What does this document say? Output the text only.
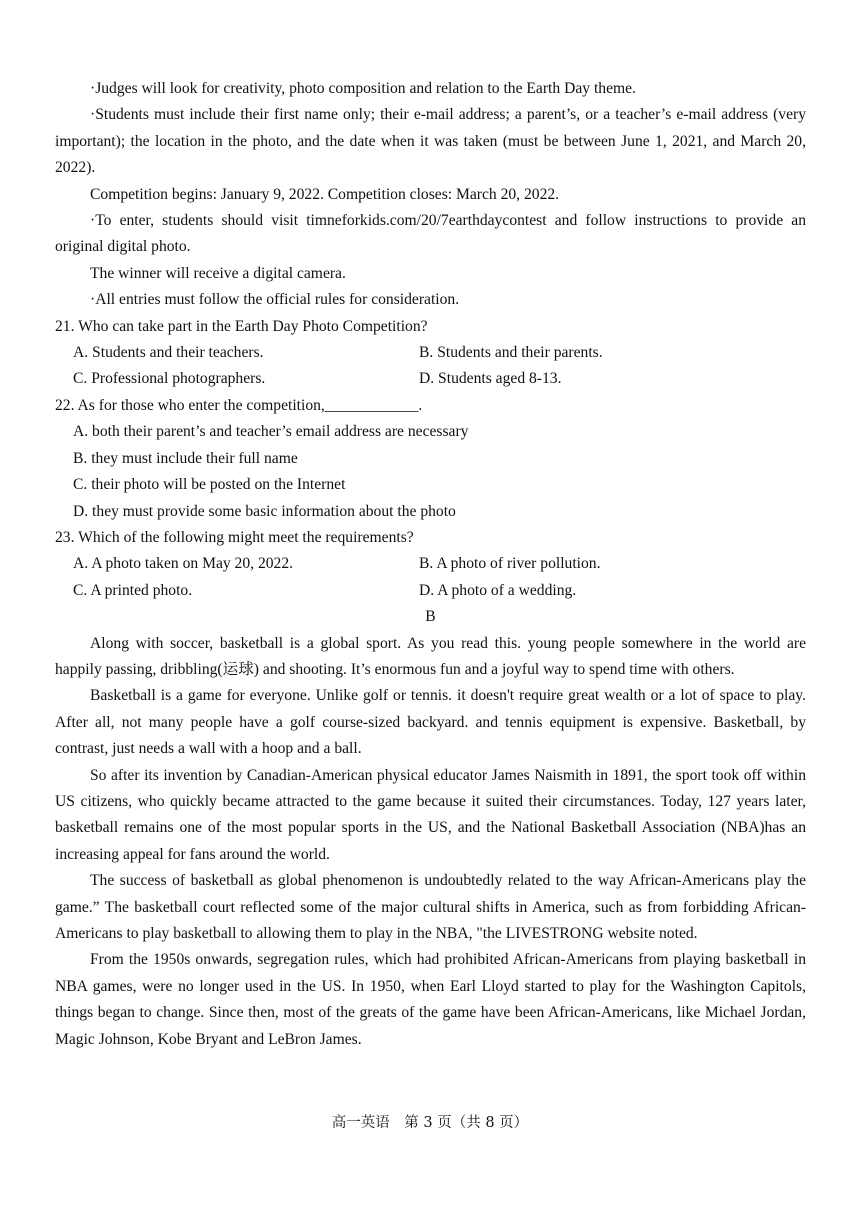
·Judges will look for creativity, photo composition and relation to the Earth Day theme.

·Students must include their first name only; their e-mail address; a parent’s, or a teacher’s e-mail address (very important); the location in the photo, and the date when it was taken (must be between June 1, 2021, and March 20, 2022).

Competition begins: January 9, 2022. Competition closes: March 20, 2022.

·To enter, students should visit timneforkids.com/20/7earthdaycontest and follow instructions to provide an original digital photo.

The winner will receive a digital camera.

·All entries must follow the official rules for consideration.

21. Who can take part in the Earth Day Photo Competition?

A. Students and their teachers.	B. Students and their parents.
C. Professional photographers.	D. Students aged 8-13.

22. As for those who enter the competition,____________.

A. both their parent’s and teacher’s email address are necessary

B. they must include their full name

C. their photo will be posted on the Internet

D. they must provide some basic information about the photo

23. Which of the following might meet the requirements?

A. A photo taken on May 20, 2022.	B. A photo of river pollution.
C. A printed photo.	D. A photo of a wedding.

B

Along with soccer, basketball is a global sport. As you read this. young people somewhere in the world are happily passing, dribbling(运球) and shooting. It’s enormous fun and a joyful way to spend time with others.

Basketball is a game for everyone. Unlike golf or tennis. it doesn't require great wealth or a lot of space to play. After all, not many people have a golf course-sized backyard. and tennis equipment is expensive. Basketball, by contrast, just needs a wall with a hoop and a ball.

So after its invention by Canadian-American physical educator James Naismith in 1891, the sport took off within US citizens, who quickly became attracted to the game because it suited their circumstances. Today, 127 years later, basketball remains one of the most popular sports in the US, and the National Basketball Association (NBA)has an increasing appeal for fans around the world.

The success of basketball as global phenomenon is undoubtedly related to the way African-Americans play the game.” The basketball court reflected some of the major cultural shifts in America, such as from forbidding African-Americans to play basketball to allowing them to play in the NBA, "the LIVESTRONG website noted.

From the 1950s onwards, segregation rules, which had prohibited African-Americans from playing basketball in NBA games, were no longer used in the US. In 1950, when Earl Lloyd started to play for the Washington Capitols, things began to change. Since then, most of the greats of the game have been African-Americans, like Michael Jordan, Magic Johnson, Kobe Bryant and LeBron James.

高一英语　第 3 页（共 8 页）
